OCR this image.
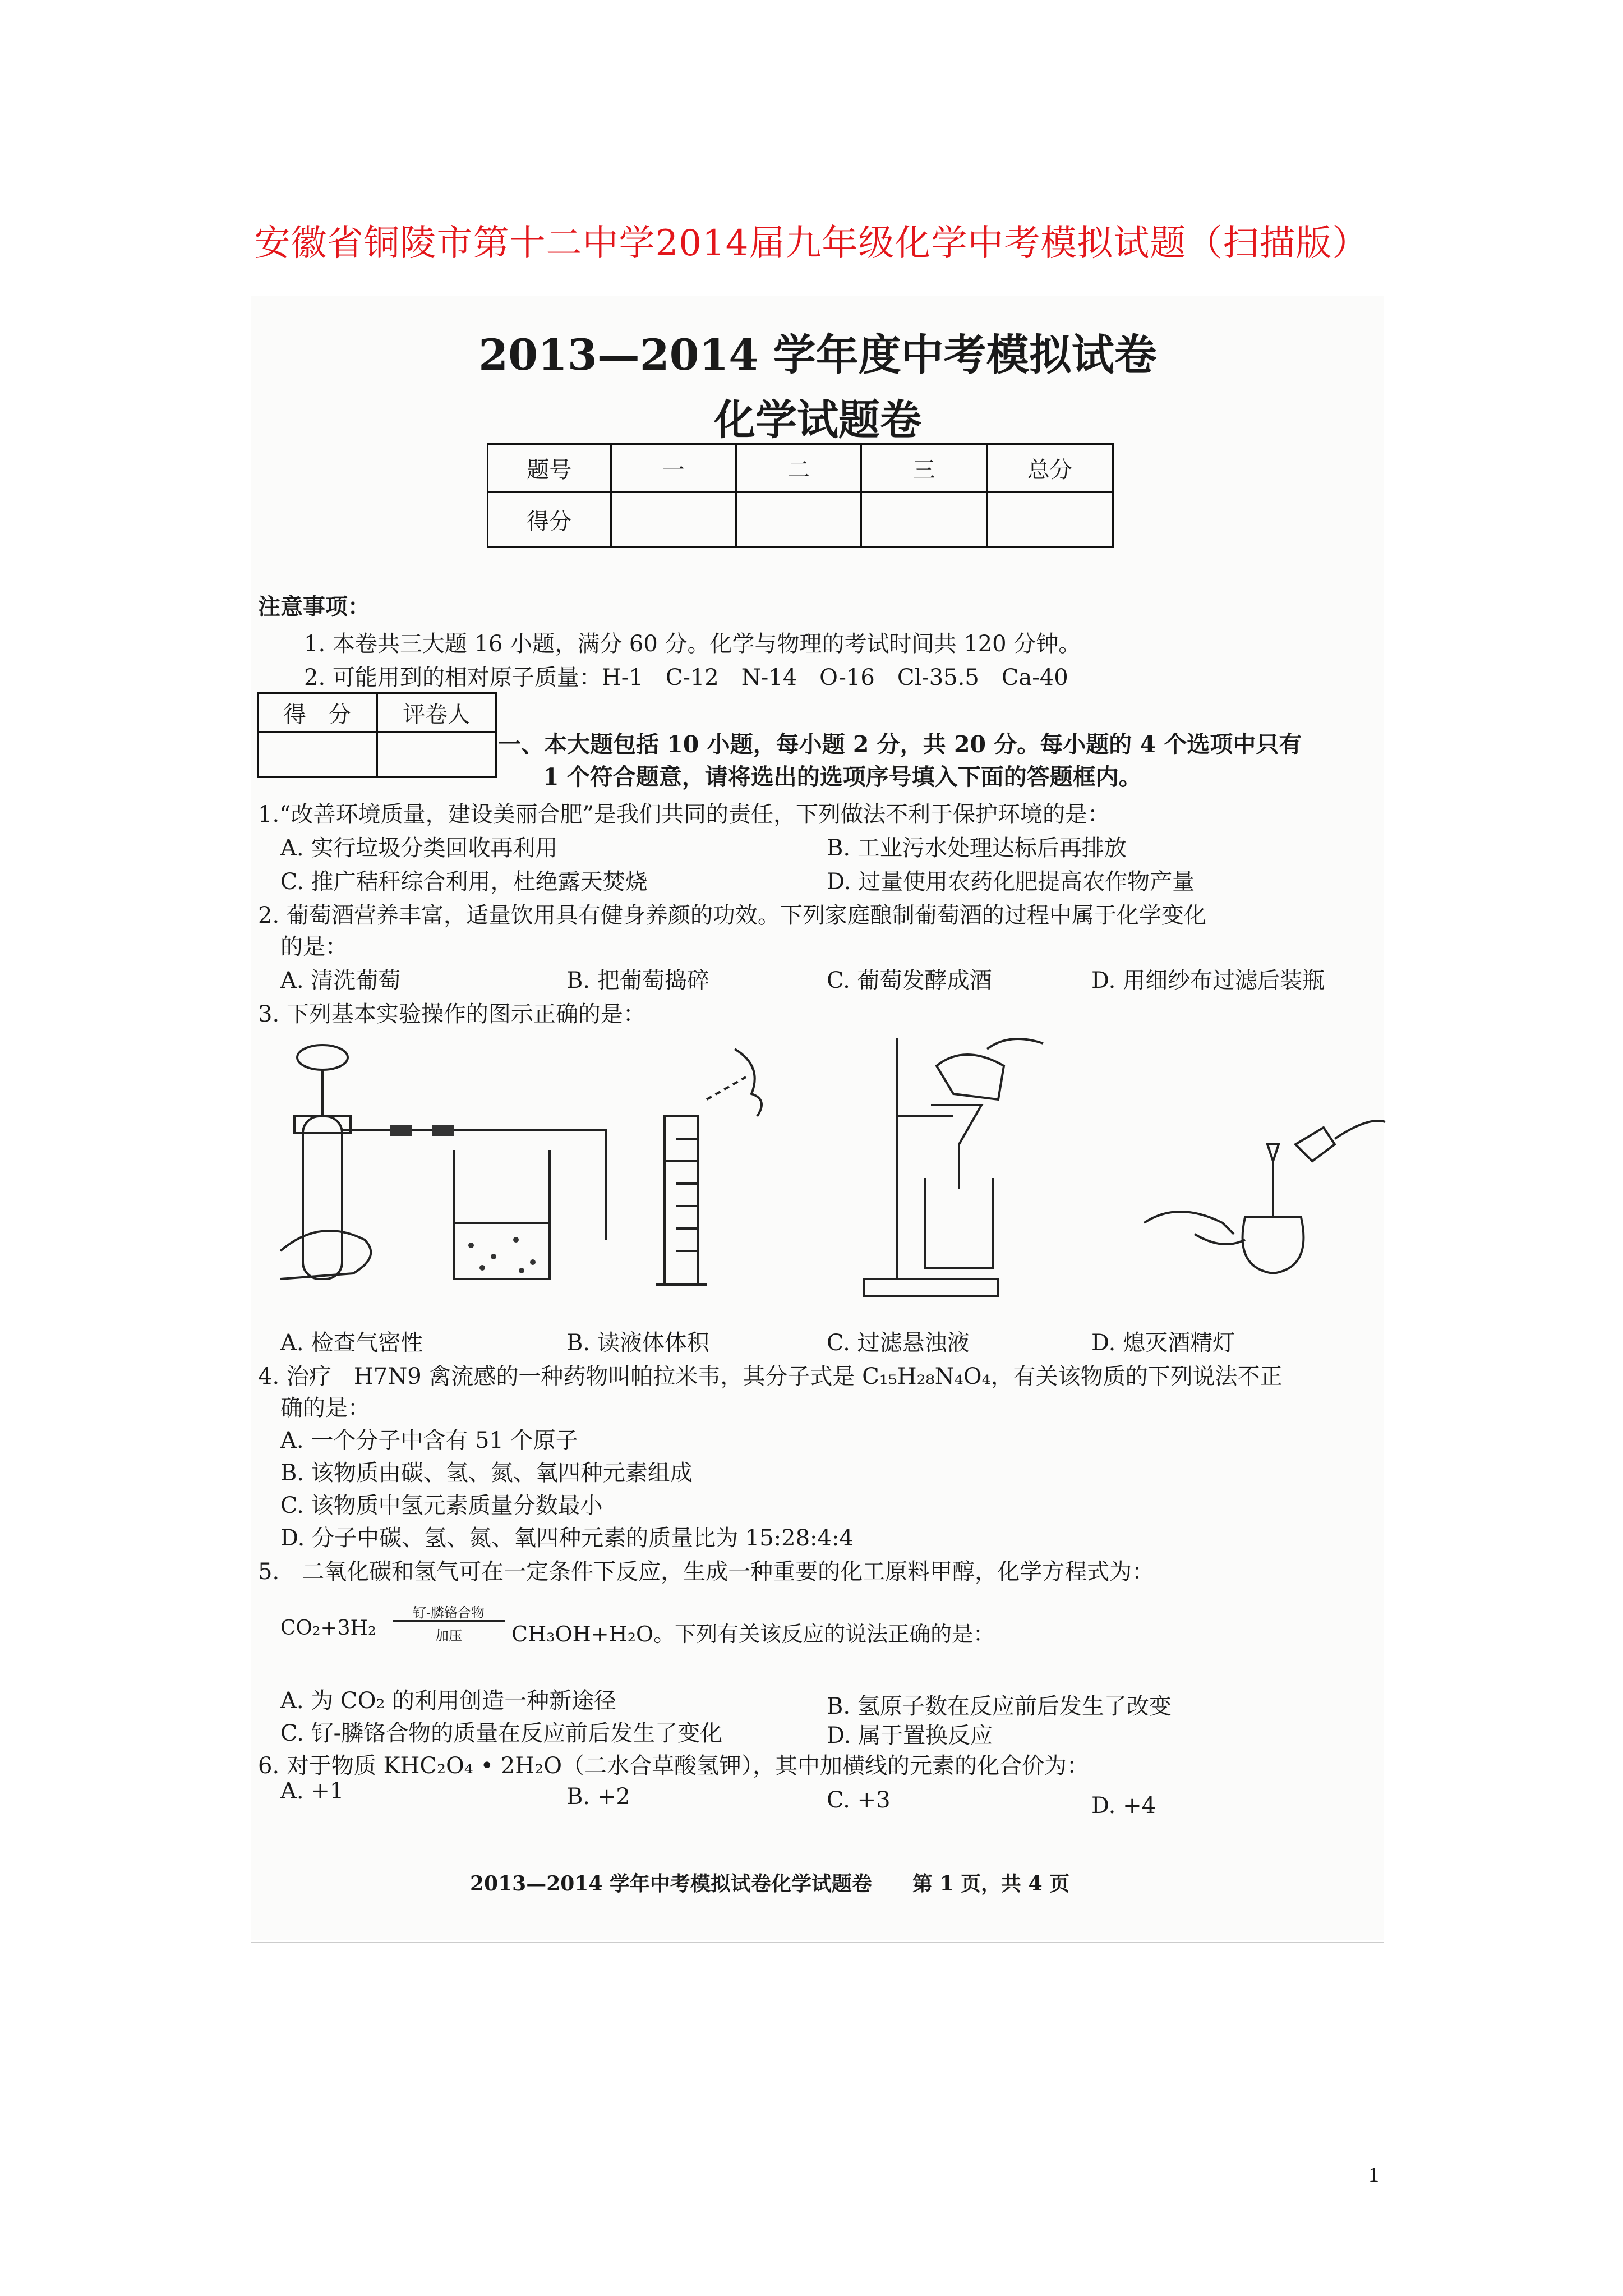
安徽省铜陵市第十二中学2014届九年级化学中考模拟试题（扫描版）
2013—2014 学年度中考模拟试卷
化学试题卷
题号	一	二	三	总分
得分				
注意事项：
1. 本卷共三大题 16 小题，满分 60 分。化学与物理的考试时间共 120 分钟。
2. 可能用到的相对原子质量：H-1　C-12　N-14　O-16　Cl-35.5　Ca-40
得　分	评卷人

一、本大题包括 10 小题，每小题 2 分，共 20 分。每小题的 4 个选项中只有
1 个符合题意，请将选出的选项序号填入下面的答题框内。
1.“改善环境质量，建设美丽合肥”是我们共同的责任，下列做法不利于保护环境的是：
A. 实行垃圾分类回收再利用	B. 工业污水处理达标后再排放
C. 推广秸秆综合利用，杜绝露天焚烧	D. 过量使用农药化肥提高农作物产量
2. 葡萄酒营养丰富，适量饮用具有健身养颜的功效。下列家庭酿制葡萄酒的过程中属于化学变化
的是：
A. 清洗葡萄	B. 把葡萄捣碎	C. 葡萄发酵成酒	D. 用细纱布过滤后装瓶
3. 下列基本实验操作的图示正确的是：
A. 检查气密性	B. 读液体体积	C. 过滤悬浊液	D. 熄灭酒精灯
4. 治疗　H7N9 禽流感的一种药物叫帕拉米韦，其分子式是 C₁₅H₂₈N₄O₄，有关该物质的下列说法不正
确的是：
A. 一个分子中含有 51 个原子
B. 该物质由碳、氢、氮、氧四种元素组成
C. 该物质中氢元素质量分数最小
D. 分子中碳、氢、氮、氧四种元素的质量比为 15:28:4:4
5.　二氧化碳和氢气可在一定条件下反应，生成一种重要的化工原料甲醇，化学方程式为：
CO₂+3H₂
钌-膦铬合物
加压	CH₃OH+H₂O。下列有关该反应的说法正确的是：
A. 为 CO₂ 的利用创造一种新途径	B. 氢原子数在反应前后发生了改变
C. 钌-膦铬合物的质量在反应前后发生了变化	D. 属于置换反应
6. 对于物质 KHC₂O₄ • 2H₂O（二水合草酸氢钾），其中加横线的元素的化合价为：
A. +1	B. +2	C. +3	D. +4
2013—2014 学年中考模拟试卷化学试题卷　　第 1 页，共 4 页
1
